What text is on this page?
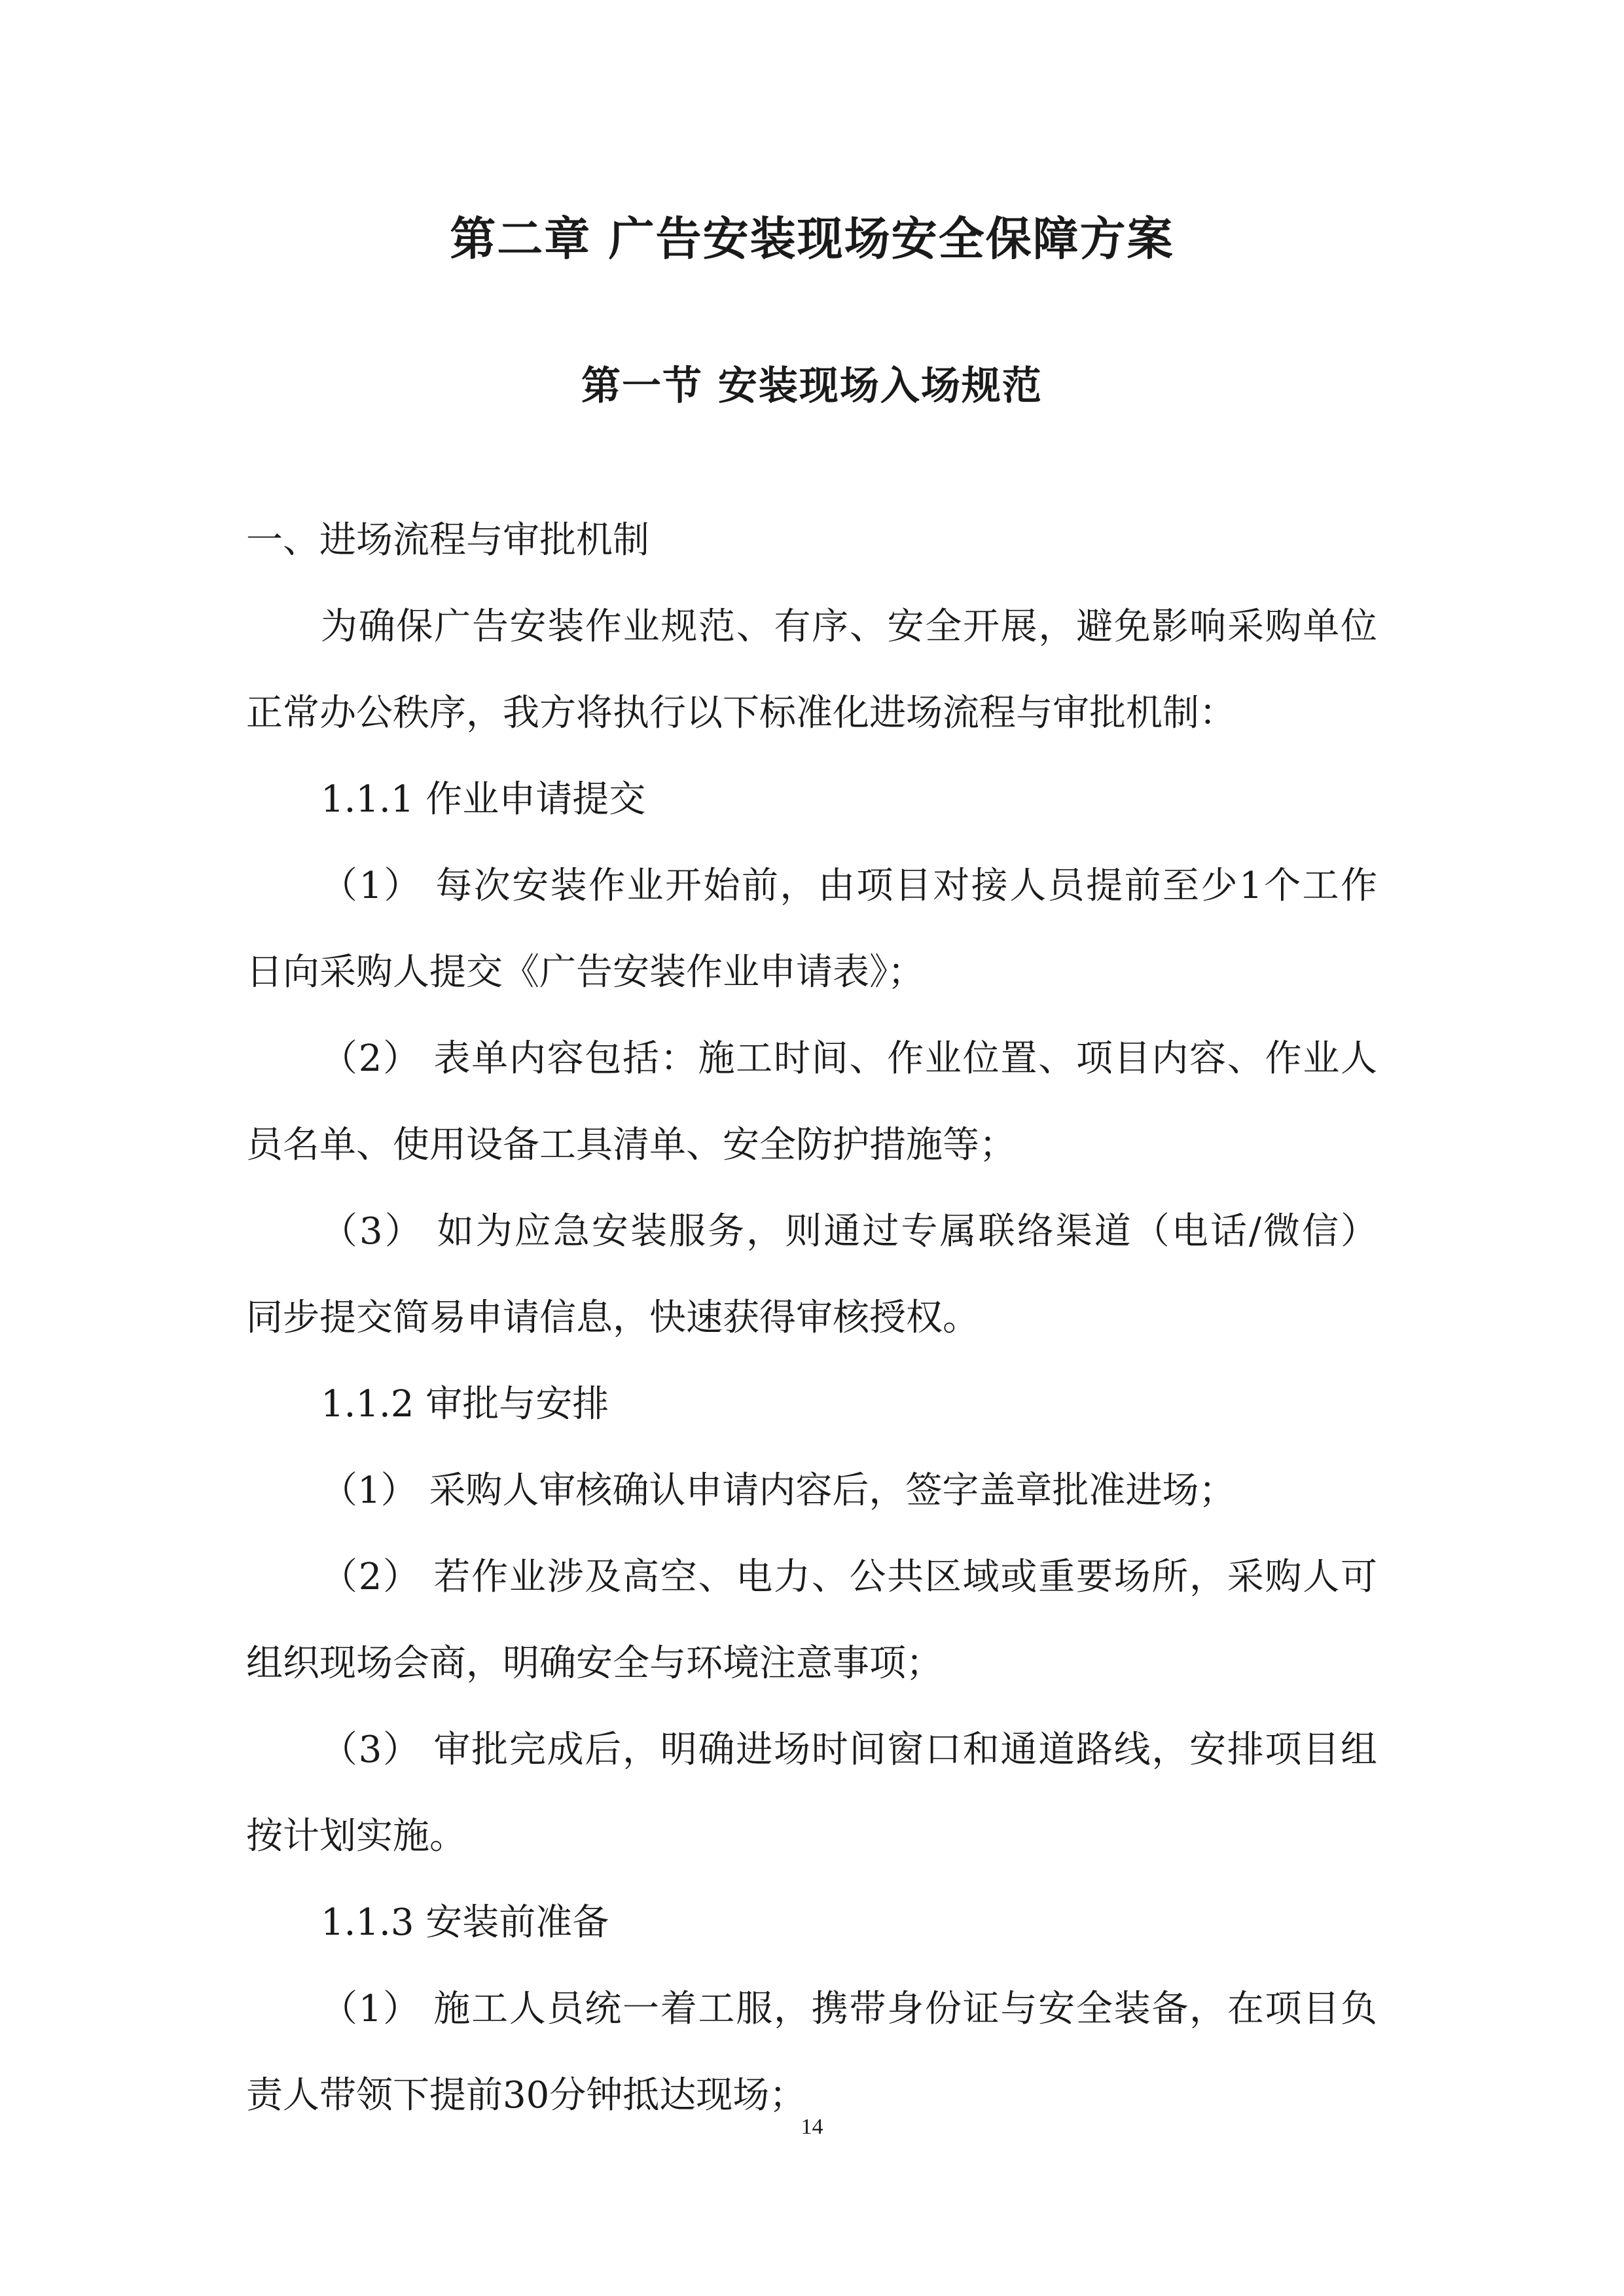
第二章 广告安装现场安全保障方案
第一节 安装现场入场规范
一、进场流程与审批机制
为确保广告安装作业规范、有序、安全开展，避免影响采购单位
正常办公秩序，我方将执行以下标准化进场流程与审批机制：
1.1.1 作业申请提交
（1） 每次安装作业开始前，由项目对接人员提前至少1个工作
日向采购人提交《广告安装作业申请表》；
（2） 表单内容包括：施工时间、作业位置、项目内容、作业人
员名单、使用设备工具清单、安全防护措施等；
（3） 如为应急安装服务，则通过专属联络渠道（电话/微信）
同步提交简易申请信息，快速获得审核授权。
1.1.2 审批与安排
（1） 采购人审核确认申请内容后，签字盖章批准进场；
（2） 若作业涉及高空、电力、公共区域或重要场所，采购人可
组织现场会商，明确安全与环境注意事项；
（3） 审批完成后，明确进场时间窗口和通道路线，安排项目组
按计划实施。
1.1.3 安装前准备
（1） 施工人员统一着工服，携带身份证与安全装备，在项目负
责人带领下提前30分钟抵达现场；
14
